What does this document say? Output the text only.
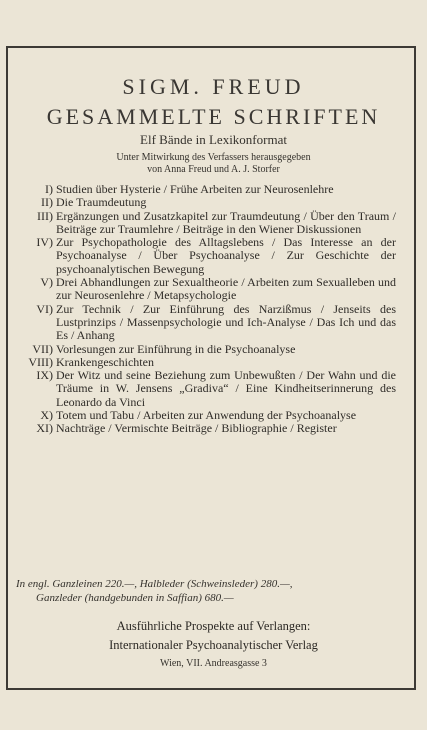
SIGM. FREUD
GESAMMELTE SCHRIFTEN
Elf Bände in Lexikonformat
Unter Mitwirkung des Verfassers herausgegeben
von Anna Freud und A. J. Storfer
I) Studien über Hysterie / Frühe Arbeiten zur Neurosenlehre
II) Die Traumdeutung
III) Ergänzungen und Zusatzkapitel zur Traumdeutung / Über den Traum / Beiträge zur Traumlehre / Beiträge in den Wiener Diskussionen
IV) Zur Psychopathologie des Alltagslebens / Das Interesse an der Psychoanalyse / Über Psychoanalyse / Zur Geschichte der psychoanalytischen Bewegung
V) Drei Abhandlungen zur Sexualtheorie / Arbeiten zum Sexualleben und zur Neurosenlehre / Metapsychologie
VI) Zur Technik / Zur Einführung des Narzißmus / Jenseits des Lustprinzips / Massenpsychologie und Ich-Analyse / Das Ich und das Es / Anhang
VII) Vorlesungen zur Einführung in die Psychoanalyse
VIII) Krankengeschichten
IX) Der Witz und seine Beziehung zum Unbewußten / Der Wahn und die Träume in W. Jensens „Gradiva“ / Eine Kindheitserinnerung des Leonardo da Vinci
X) Totem und Tabu / Arbeiten zur Anwendung der Psychoanalyse
XI) Nachträge / Vermischte Beiträge / Bibliographie / Register
In engl. Ganzleinen 220.—, Halbleder (Schweinsleder) 280.—,
Ganzleder (handgebunden in Saffian) 680.—
Ausführliche Prospekte auf Verlangen:
Internationaler Psychoanalytischer Verlag
Wien, VII. Andreasgasse 3
